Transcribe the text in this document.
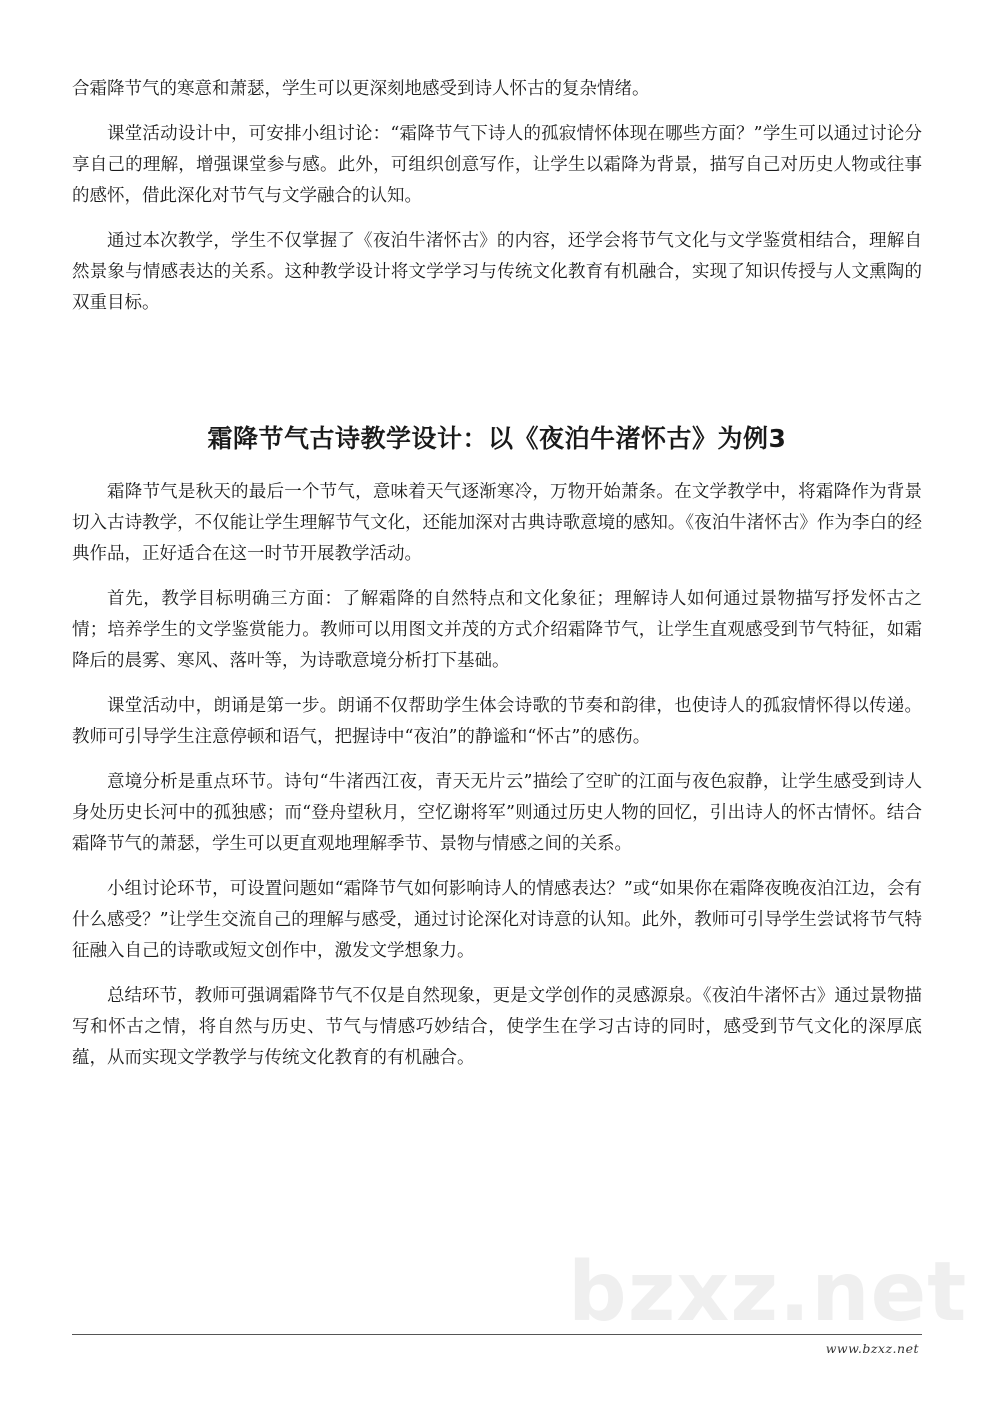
合霜降节气的寒意和萧瑟，学生可以更深刻地感受到诗人怀古的复杂情绪。

课堂活动设计中，可安排小组讨论：“霜降节气下诗人的孤寂情怀体现在哪些方面？”学生可以通过讨论分享自己的理解，增强课堂参与感。此外，可组织创意写作，让学生以霜降为背景，描写自己对历史人物或往事的感怀，借此深化对节气与文学融合的认知。

通过本次教学，学生不仅掌握了《夜泊牛渚怀古》的内容，还学会将节气文化与文学鉴赏相结合，理解自然景象与情感表达的关系。这种教学设计将文学学习与传统文化教育有机融合，实现了知识传授与人文熏陶的双重目标。

霜降节气古诗教学设计：以《夜泊牛渚怀古》为例3

霜降节气是秋天的最后一个节气，意味着天气逐渐寒冷，万物开始萧条。在文学教学中，将霜降作为背景切入古诗教学，不仅能让学生理解节气文化，还能加深对古典诗歌意境的感知。《夜泊牛渚怀古》作为李白的经典作品，正好适合在这一时节开展教学活动。

首先，教学目标明确三方面：了解霜降的自然特点和文化象征；理解诗人如何通过景物描写抒发怀古之情；培养学生的文学鉴赏能力。教师可以用图文并茂的方式介绍霜降节气，让学生直观感受到节气特征，如霜降后的晨雾、寒风、落叶等，为诗歌意境分析打下基础。

课堂活动中，朗诵是第一步。朗诵不仅帮助学生体会诗歌的节奏和韵律，也使诗人的孤寂情怀得以传递。教师可引导学生注意停顿和语气，把握诗中“夜泊”的静谧和“怀古”的感伤。

意境分析是重点环节。诗句“牛渚西江夜，青天无片云”描绘了空旷的江面与夜色寂静，让学生感受到诗人身处历史长河中的孤独感；而“登舟望秋月，空忆谢将军”则通过历史人物的回忆，引出诗人的怀古情怀。结合霜降节气的萧瑟，学生可以更直观地理解季节、景物与情感之间的关系。

小组讨论环节，可设置问题如“霜降节气如何影响诗人的情感表达？”或“如果你在霜降夜晚夜泊江边，会有什么感受？”让学生交流自己的理解与感受，通过讨论深化对诗意的认知。此外，教师可引导学生尝试将节气特征融入自己的诗歌或短文创作中，激发文学想象力。

总结环节，教师可强调霜降节气不仅是自然现象，更是文学创作的灵感源泉。《夜泊牛渚怀古》通过景物描写和怀古之情，将自然与历史、节气与情感巧妙结合，使学生在学习古诗的同时，感受到节气文化的深厚底蕴，从而实现文学教学与传统文化教育的有机融合。

bzxz.net
www.bzxz.net
